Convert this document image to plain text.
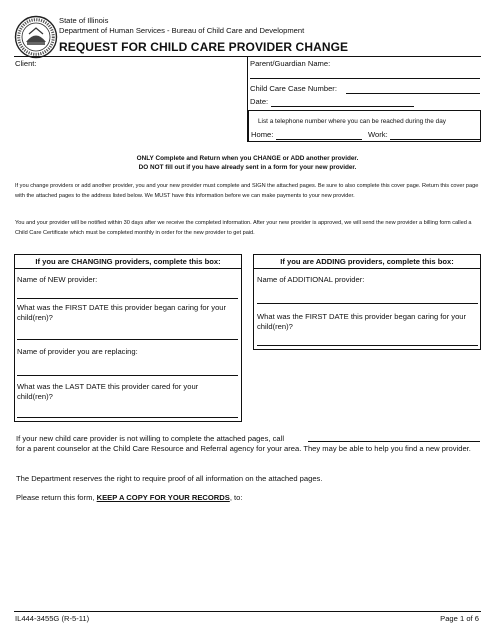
State of Illinois
Department of Human Services - Bureau of Child Care and Development
REQUEST FOR CHILD CARE PROVIDER CHANGE
Client:	Parent/Guardian Name:
Child Care Case Number:
Date:
List a telephone number where you can be reached during the day
Home:	Work:
ONLY Complete and Return when you CHANGE or ADD another provider.
DO NOT fill out if you have already sent in a form for your new provider.
If you change providers or add another provider, you and your new provider must complete and SIGN the attached pages. Be sure to also complete this cover page. Return this cover page with the attached pages to the address listed below. We MUST have this information before we can make payments to your new provider.
You and your provider will be notified within 30 days after we receive the completed information. After your new provider is approved, we will send the new provider a billing form called a Child Care Certificate which must be completed monthly in order for the new provider to get paid.
If you are CHANGING providers, complete this box:
Name of NEW provider:
What was the FIRST DATE this provider began caring for your child(ren)?
Name of provider you are replacing:
What was the LAST DATE this provider cared for your child(ren)?
If you are ADDING providers, complete this box:
Name of ADDITIONAL provider:
What was the FIRST DATE this provider began caring for your child(ren)?
If your new child care provider is not willing to complete the attached pages, call
for a parent counselor at the Child Care Resource and Referral agency for your area. They may be able to help you find a new provider.
The Department reserves the right to require proof of all information on the attached pages.
Please return this form, KEEP A COPY FOR YOUR RECORDS, to:
IL444-3455G (R-5-11)	Page 1 of 6
